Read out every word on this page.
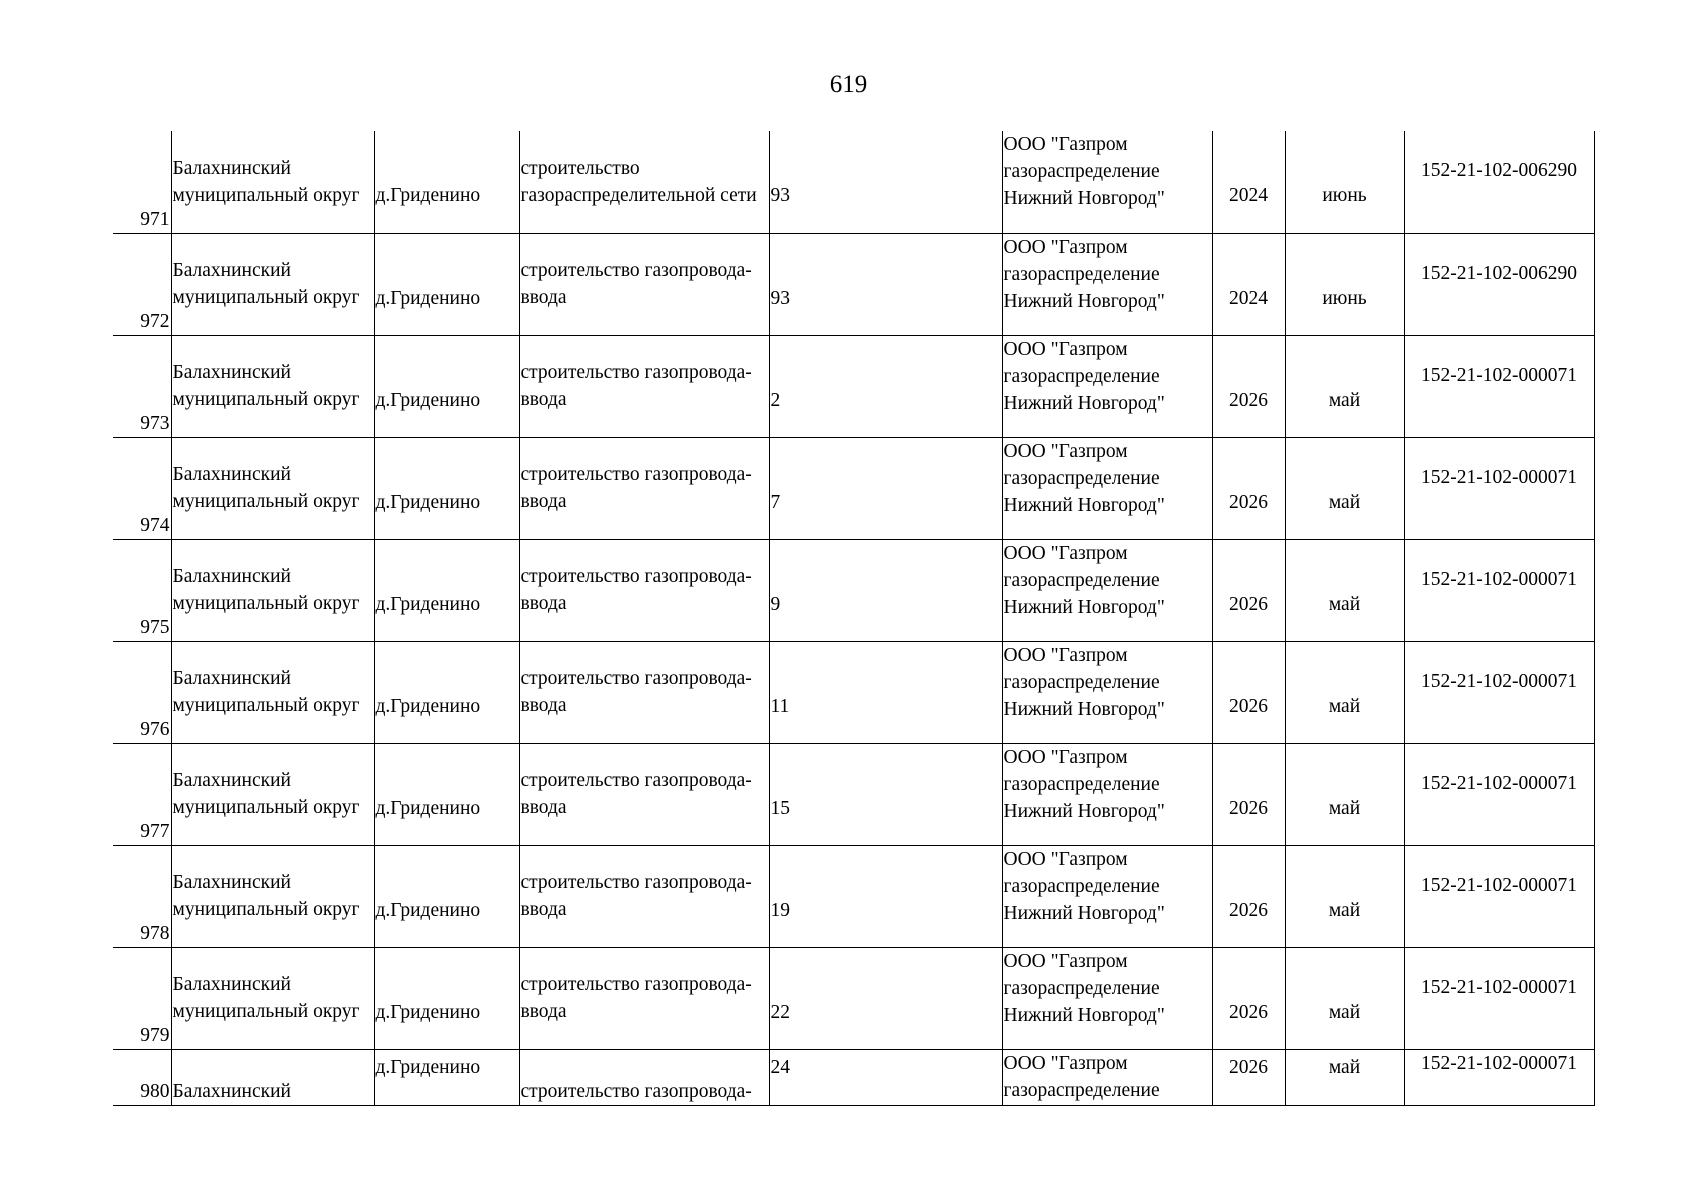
619
971	Балахнинский
муниципальный округ	д.Гриденино	строительство
газораспределительной сети	93	ООО "Газпром
газораспределение
Нижний Новгород"	2024	июнь	152-21-102-006290
972	Балахнинский
муниципальный округ	д.Гриденино	строительство газопровода-
ввода	93	ООО "Газпром
газораспределение
Нижний Новгород"	2024	июнь	152-21-102-006290
973	Балахнинский
муниципальный округ	д.Гриденино	строительство газопровода-
ввода	2	ООО "Газпром
газораспределение
Нижний Новгород"	2026	май	152-21-102-000071
974	Балахнинский
муниципальный округ	д.Гриденино	строительство газопровода-
ввода	7	ООО "Газпром
газораспределение
Нижний Новгород"	2026	май	152-21-102-000071
975	Балахнинский
муниципальный округ	д.Гриденино	строительство газопровода-
ввода	9	ООО "Газпром
газораспределение
Нижний Новгород"	2026	май	152-21-102-000071
976	Балахнинский
муниципальный округ	д.Гриденино	строительство газопровода-
ввода	11	ООО "Газпром
газораспределение
Нижний Новгород"	2026	май	152-21-102-000071
977	Балахнинский
муниципальный округ	д.Гриденино	строительство газопровода-
ввода	15	ООО "Газпром
газораспределение
Нижний Новгород"	2026	май	152-21-102-000071
978	Балахнинский
муниципальный округ	д.Гриденино	строительство газопровода-
ввода	19	ООО "Газпром
газораспределение
Нижний Новгород"	2026	май	152-21-102-000071
979	Балахнинский
муниципальный округ	д.Гриденино	строительство газопровода-
ввода	22	ООО "Газпром
газораспределение
Нижний Новгород"	2026	май	152-21-102-000071
980	Балахнинский	д.Гриденино	строительство газопровода-	24	ООО "Газпром
газораспределение	2026	май	152-21-102-000071
